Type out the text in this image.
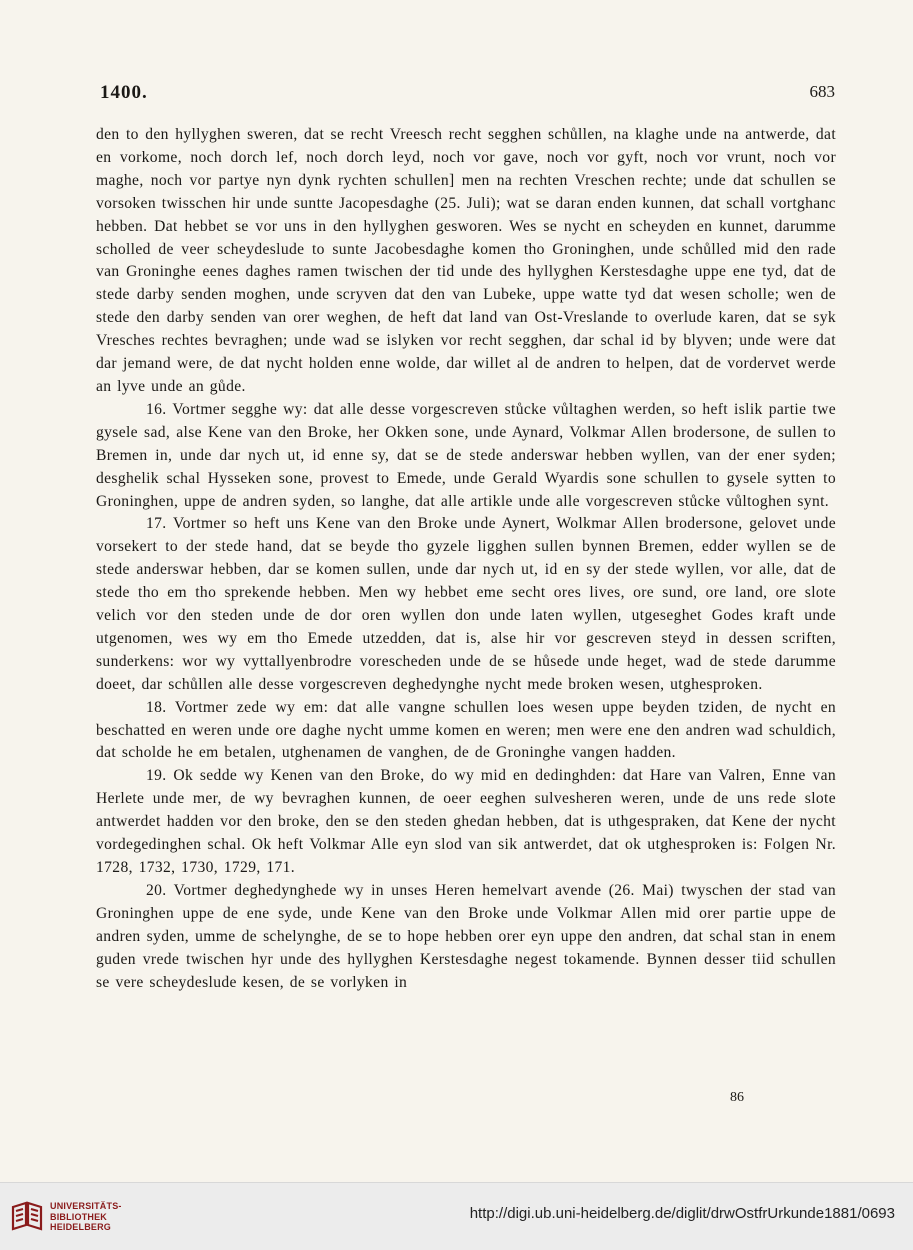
1400.	683

den to den hyllyghen sweren, dat se recht Vreesch recht segghen schůllen, na klaghe unde na antwerde, dat en vorkome, noch dorch lef, noch dorch leyd, noch vor gave, noch vor gyft, noch vor vrunt, noch vor maghe, noch vor partye nyn dynk rychten schullen] men na rechten Vreschen rechte; unde dat schullen se vorsoken twisschen hir unde suntte Jacopesdaghe (25. Juli); wat se daran enden kunnen, dat schall vortghanc hebben. Dat hebbet se vor uns in den hyllyghen gesworen. Wes se nycht en scheyden en kunnet, darumme scholled de veer scheydeslude to sunte Jacobesdaghe komen tho Groninghen, unde schůlled mid den rade van Groninghe eenes daghes ramen twischen der tid unde des hyllyghen Kerstesdaghe uppe ene tyd, dat de stede darby senden moghen, unde scryven dat den van Lubeke, uppe watte tyd dat wesen scholle; wen de stede den darby senden van orer weghen, de heft dat land van Ost-Vreslande to overlude karen, dat se syk Vresches rechtes bevraghen; unde wad se islyken vor recht segghen, dar schal id by blyven; unde were dat dar jemand were, de dat nycht holden enne wolde, dar willet al de andren to helpen, dat de vordervet werde an lyve unde an gůde.

16. Vortmer segghe wy: dat alle desse vorgescreven stůcke vůltaghen werden, so heft islik partie twe gysele sad, alse Kene van den Broke, her Okken sone, unde Aynard, Volkmar Allen brodersone, de sullen to Bremen in, unde dar nych ut, id enne sy, dat se de stede anderswar hebben wyllen, van der ener syden; desghelik schal Hysseken sone, provest to Emede, unde Gerald Wyardis sone schullen to gysele sytten to Groninghen, uppe de andren syden, so langhe, dat alle artikle unde alle vorgescreven stůcke vůltoghen synt.

17. Vortmer so heft uns Kene van den Broke unde Aynert, Wolkmar Allen brodersone, gelovet unde vorsekert to der stede hand, dat se beyde tho gyzele ligghen sullen bynnen Bremen, edder wyllen se de stede anderswar hebben, dar se komen sullen, unde dar nych ut, id en sy der stede wyllen, vor alle, dat de stede tho em tho sprekende hebben. Men wy hebbet eme secht ores lives, ore sund, ore land, ore slote velich vor den steden unde de dor oren wyllen don unde laten wyllen, utgeseghet Godes kraft unde utgenomen, wes wy em tho Emede utzedden, dat is, alse hir vor gescreven steyd in dessen scriften, sunderkens: wor wy vyttallyenbrodre vorescheden unde de se hůsede unde heget, wad de stede darumme doeet, dar schůllen alle desse vorgescreven deghedynghe nycht mede broken wesen, utghesproken.

18. Vortmer zede wy em: dat alle vangne schullen loes wesen uppe beyden tziden, de nycht en beschatted en weren unde ore daghe nycht umme komen en weren; men were ene den andren wad schuldich, dat scholde he em betalen, utghenamen de vanghen, de de Groninghe vangen hadden.

19. Ok sedde wy Kenen van den Broke, do wy mid en dedinghden: dat Hare van Valren, Enne van Herlete unde mer, de wy bevraghen kunnen, de oeer eeghen sulvesheren weren, unde de uns rede slote antwerdet hadden vor den broke, den se den steden ghedan hebben, dat is uthgespraken, dat Kene der nycht vordegedinghen schal. Ok heft Volkmar Alle eyn slod van sik antwerdet, dat ok utghesproken is: Folgen Nr. 1728, 1732, 1730, 1729, 171.

20. Vortmer deghedynghede wy in unses Heren hemelvart avende (26. Mai) twyschen der stad van Groninghen uppe de ene syde, unde Kene van den Broke unde Volkmar Allen mid orer partie uppe de andren syden, umme de schelynghe, de se to hope hebben orer eyn uppe den andren, dat schal stan in enem guden vrede twischen hyr unde des hyllyghen Kerstesdaghe negest tokamende. Bynnen desser tiid schullen se vere scheydeslude kesen, de se vorlyken in

86
UNIVERSITÄTS-
BIBLIOTHEK
HEIDELBERG
http://digi.ub.uni-heidelberg.de/diglit/drwOstfrUrkunde1881/0693
